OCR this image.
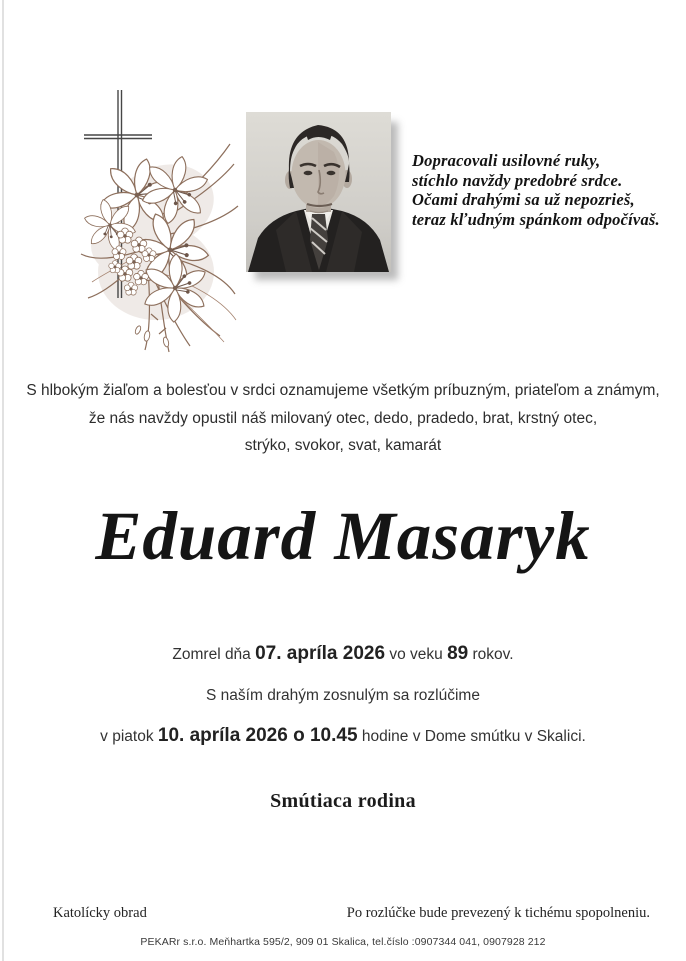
Dopracovali usilovné ruky,
stíchlo navždy predobré srdce.
Očami drahými sa už nepozrieš,
teraz kľudným spánkom odpočívaš.
S hlbokým žiaľom a bolesťou v srdci oznamujeme všetkým príbuzným, priateľom a známym,
že nás navždy opustil náš milovaný otec, dedo, pradedo, brat, krstný otec,
strýko, svokor, svat, kamarát
Eduard Masaryk
Zomrel dňa 07. apríla 2026 vo veku 89 rokov.
S naším drahým zosnulým sa rozlúčime
v piatok 10. apríla 2026 o 10.45 hodine v Dome smútku v Skalici.
Smútiaca rodina
Katolícky obrad	Po rozlúčke bude prevezený k tichému spopolneniu.
PEKARr s.r.o. Meňhartka 595/2, 909 01 Skalica, tel.číslo :0907344 041, 0907928 212
